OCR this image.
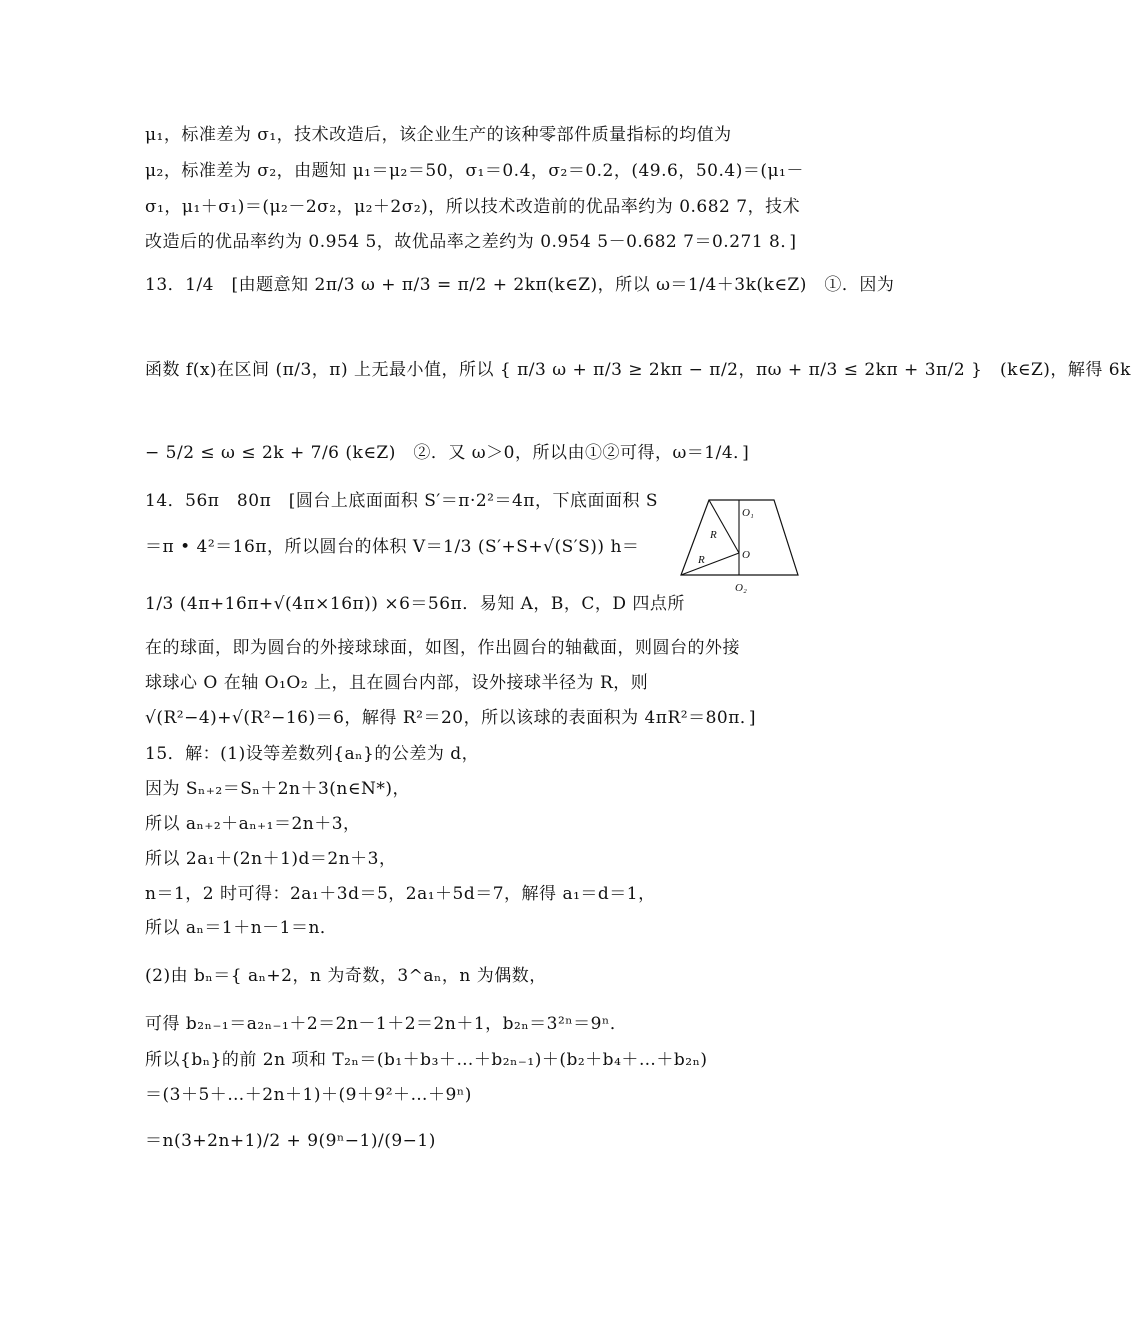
μ₁，标准差为 σ₁，技术改造后，该企业生产的该种零部件质量指标的均值为
μ₂，标准差为 σ₂，由题知 μ₁＝μ₂＝50，σ₁＝0.4，σ₂＝0.2，(49.6，50.4)＝(μ₁－
σ₁，μ₁＋σ₁)＝(μ₂－2σ₂，μ₂＋2σ₂)，所以技术改造前的优品率约为 0.682 7，技术
改造后的优品率约为 0.954 5，故优品率之差约为 0.954 5－0.682 7＝0.271 8．]
13．1/4　[由题意知 2π/3 ω + π/3 = π/2 + 2kπ(k∈Z)，所以 ω＝1/4＋3k(k∈Z)　①．因为
函数 f(x)在区间 (π/3，π) 上无最小值，所以 { π/3 ω + π/3 ≥ 2kπ − π/2，πω + π/3 ≤ 2kπ + 3π/2 }　(k∈Z)，解得 6k
− 5/2 ≤ ω ≤ 2k + 7/6 (k∈Z)　②．又 ω＞0，所以由①②可得，ω＝1/4．]
14．56π　80π　[圆台上底面面积 S′＝π·2²＝4π，下底面面积 S
＝π • 4²＝16π，所以圆台的体积 V＝1/3 (S′+S+√(S′S)) h＝
1/3 (4π+16π+√(4π×16π)) ×6＝56π．易知 A，B，C，D 四点所
在的球面，即为圆台的外接球球面，如图，作出圆台的轴截面，则圆台的外接
球球心 O 在轴 O₁O₂ 上，且在圆台内部，设外接球半径为 R，则
√(R²−4)+√(R²−16)＝6，解得 R²＝20，所以该球的表面积为 4πR²＝80π．]
15．解：(1)设等差数列{aₙ}的公差为 d，
因为 Sₙ₊₂＝Sₙ＋2n＋3(n∈N*)，
所以 aₙ₊₂＋aₙ₊₁＝2n＋3，
所以 2a₁＋(2n＋1)d＝2n＋3，
n＝1，2 时可得：2a₁＋3d＝5，2a₁＋5d＝7，解得 a₁＝d＝1，
所以 aₙ＝1＋n－1＝n．
(2)由 bₙ＝{ aₙ+2，n 为奇数，3^aₙ，n 为偶数，
可得 b₂ₙ₋₁＝a₂ₙ₋₁＋2＝2n－1＋2＝2n＋1，b₂ₙ＝3²ⁿ＝9ⁿ．
所以{bₙ}的前 2n 项和 T₂ₙ＝(b₁＋b₃＋…＋b₂ₙ₋₁)＋(b₂＋b₄＋…＋b₂ₙ)
＝(3＋5＋…＋2n＋1)＋(9＋9²＋…＋9ⁿ)
＝n(3+2n+1)/2 + 9(9ⁿ−1)/(9−1)
O₁
O
O₂
R
R
